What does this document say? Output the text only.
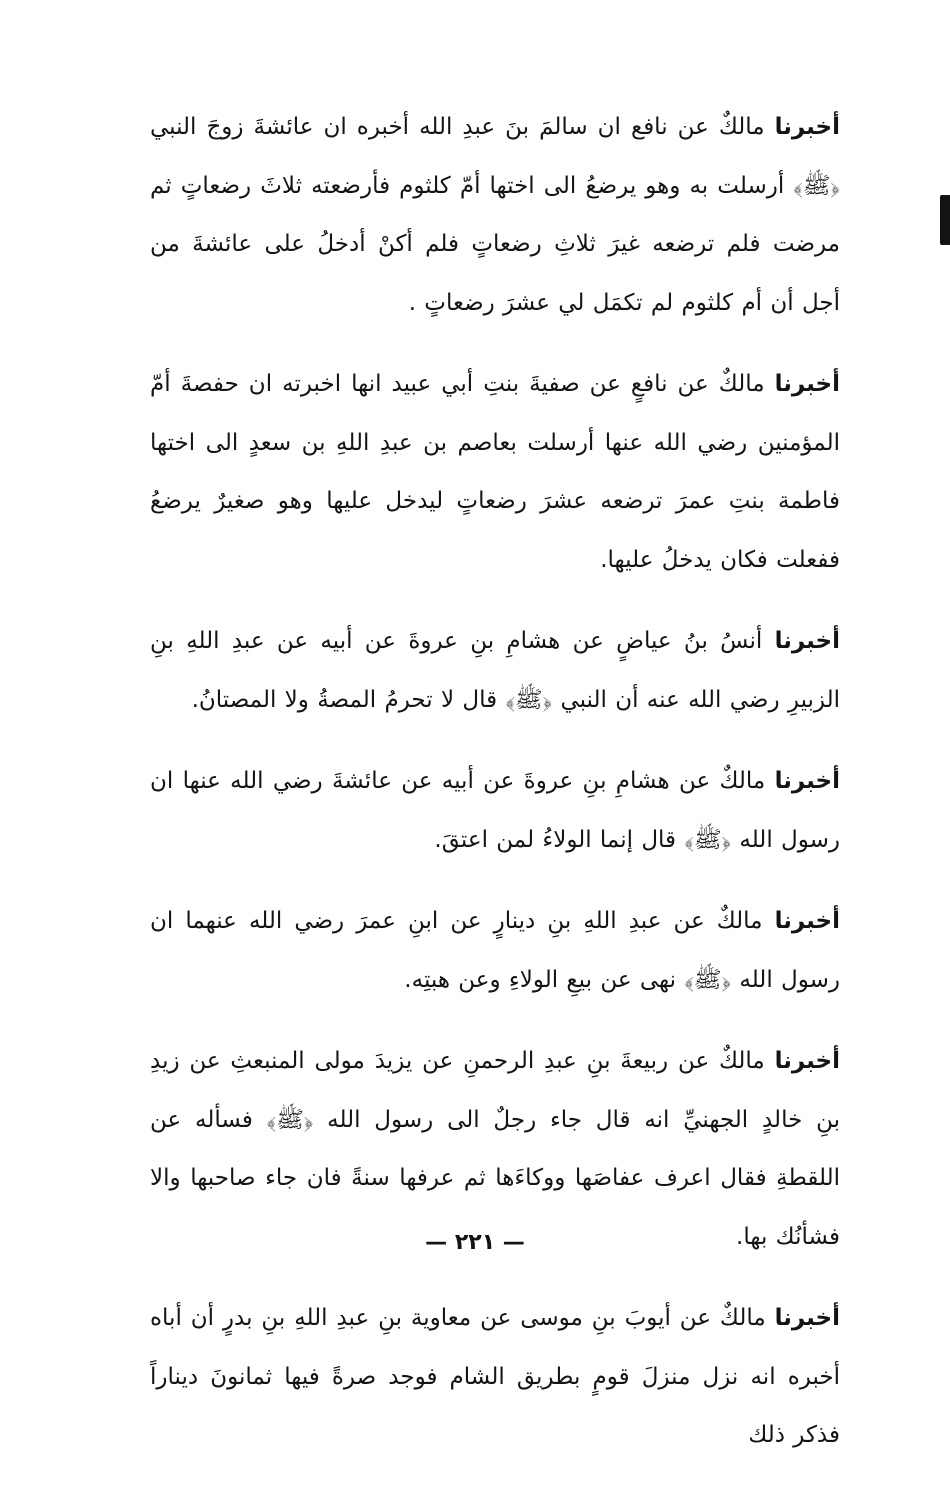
أخبرنا مالكٌ عن نافع ان سالمَ بنَ عبدِ الله أخبره ان عائشةَ زوجَ النبي ﴿ﷺ﴾ أرسلت به وهو يرضعُ الى اختها أمّ كلثوم فأرضعته ثلاثَ رضعاتٍ ثم مرضت فلم ترضعه غيرَ ثلاثِ رضعاتٍ فلم أكنْ أدخلُ على عائشةَ من أجل أن أم كلثوم لم تكمَل لي عشرَ رضعاتٍ .

أخبرنا مالكٌ عن نافعٍ عن صفيةَ بنتِ أبي عبيد انها اخبرته ان حفصةَ أمّ المؤمنين رضي الله عنها أرسلت بعاصم بن عبدِ اللهِ بن سعدٍ الى اختها فاطمة بنتِ عمرَ ترضعه عشرَ رضعاتٍ ليدخل عليها وهو صغيرٌ يرضعُ ففعلت فكان يدخلُ عليها.

أخبرنا أنسُ بنُ عياضٍ عن هشامِ بنِ عروةَ عن أبيه عن عبدِ اللهِ بنِ الزبيرِ رضي الله عنه أن النبي ﴿ﷺ﴾ قال لا تحرمُ المصةُ ولا المصتانُ.

أخبرنا مالكٌ عن هشامِ بنِ عروةَ عن أبيه عن عائشةَ رضي الله عنها ان رسول الله ﴿ﷺ﴾ قال إنما الولاءُ لمن اعتقَ.

أخبرنا مالكٌ عن عبدِ اللهِ بنِ دينارٍ عن ابنِ عمرَ رضي الله عنهما ان رسول الله ﴿ﷺ﴾ نهى عن بيعِ الولاءِ وعن هبتِه.

أخبرنا مالكٌ عن ربيعةَ بنِ عبدِ الرحمنِ عن يزيدَ مولى المنبعثِ عن زيدِ بنِ خالدٍ الجهنيِّ انه قال جاء رجلٌ الى رسول الله ﴿ﷺ﴾ فسأله عن اللقطةِ فقال اعرف عفاصَها ووكاءَها ثم عرفها سنةً فان جاء صاحبها والا فشأنُك بها.

أخبرنا مالكٌ عن أيوبَ بنِ موسى عن معاوية بنِ عبدِ اللهِ بنِ بدرٍ أن أباه أخبره انه نزل منزلَ قومٍ بطريق الشام فوجد صرةً فيها ثمانونَ ديناراً فذكر ذلك

— ٢٢١ —
